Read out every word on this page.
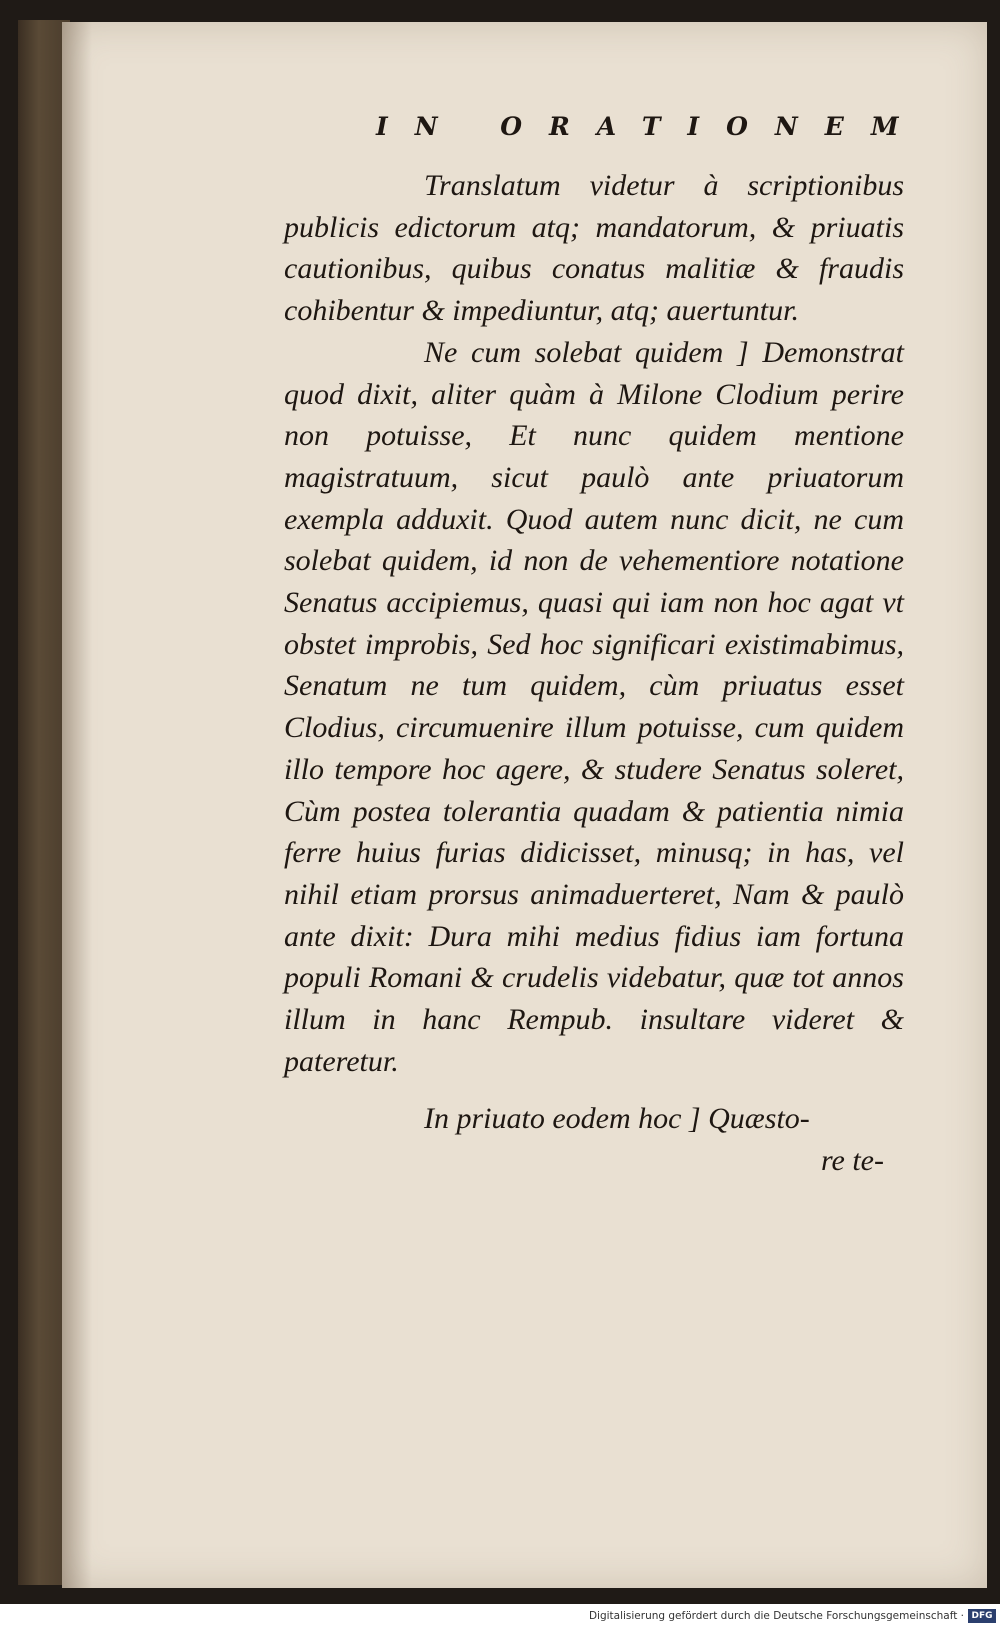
IN ORATIONEM

Translatum videtur à scriptionibus publicis edictorum atq; mandatorum, & priuatis cautionibus, quibus conatus malitiæ & fraudis cohibentur & impediuntur, atq; auertuntur.

Ne cum solebat quidem ] Demonstrat quod dixit, aliter quàm à Milone Clodium perire non potuisse, Et nunc quidem mentione magistratuum, sicut paulò ante priuatorum exempla adduxit. Quod autem nunc dicit, ne cum solebat quidem, id non de vehementiore notatione Senatus accipiemus, quasi qui iam non hoc agat vt obstet improbis, Sed hoc significari existimabimus, Senatum ne tum quidem, cùm priuatus esset Clodius, circumuenire illum potuisse, cum quidem illo tempore hoc agere, & studere Senatus soleret, Cùm postea tolerantia quadam & patientia nimia ferre huius furias didicisset, minusq; in has, vel nihil etiam prorsus animaduerteret, Nam & paulò ante dixit: Dura mihi medius fidius iam fortuna populi Romani & crudelis videbatur, quæ tot annos illum in hanc Rempub. insultare videret & pateretur.

In priuato eodem hoc ] Quæsto-

re te-
Digitalisierung gefördert durch die Deutsche Forschungsgemeinschaft · DFG
